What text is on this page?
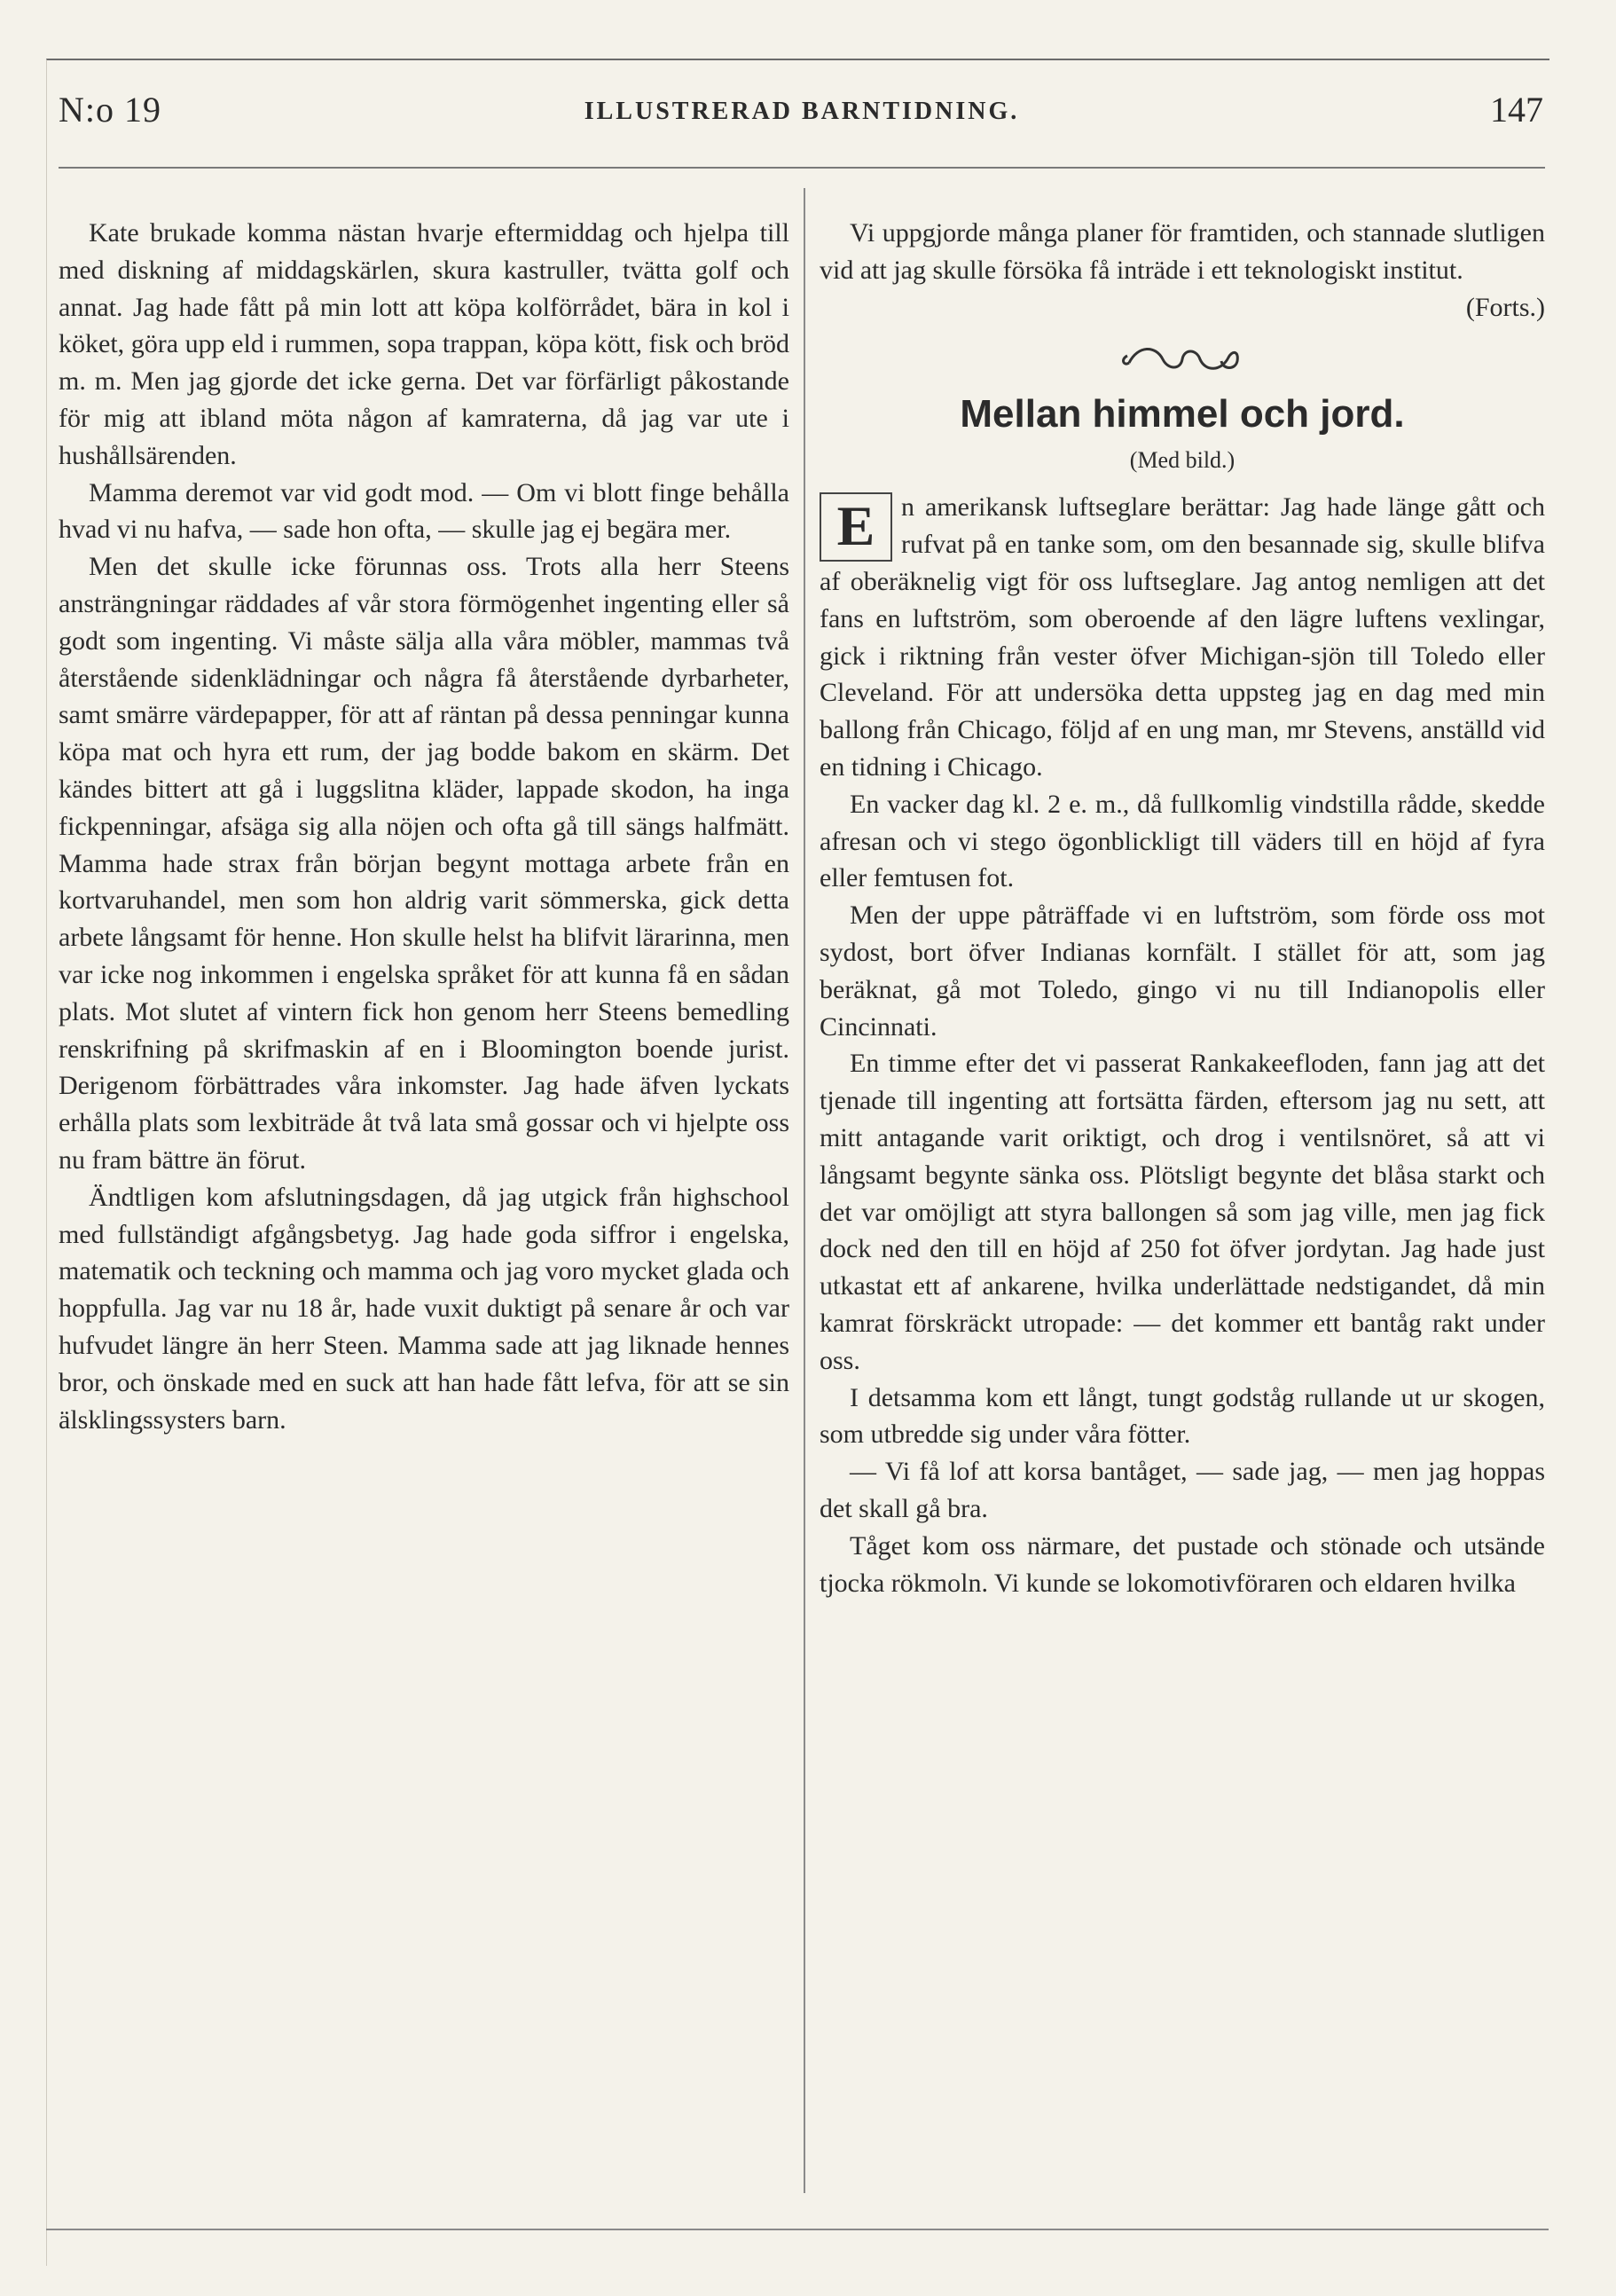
N:o 19	ILLUSTRERAD BARNTIDNING.	147

Kate brukade komma nästan hvarje eftermiddag och hjelpa till med diskning af middagskärlen, skura kastruller, tvätta golf och annat. Jag hade fått på min lott att köpa kolförrådet, bära in kol i köket, göra upp eld i rummen, sopa trappan, köpa kött, fisk och bröd m. m. Men jag gjorde det icke gerna. Det var förfärligt påkostande för mig att ibland möta någon af kamraterna, då jag var ute i hushållsärenden.

Mamma deremot var vid godt mod. — Om vi blott finge behålla hvad vi nu hafva, — sade hon ofta, — skulle jag ej begära mer.

Men det skulle icke förunnas oss. Trots alla herr Steens ansträngningar räddades af vår stora förmögenhet ingenting eller så godt som ingenting. Vi måste sälja alla våra möbler, mammas två återstående sidenklädningar och några få återstående dyrbarheter, samt smärre värdepapper, för att af räntan på dessa penningar kunna köpa mat och hyra ett rum, der jag bodde bakom en skärm. Det kändes bittert att gå i luggslitna kläder, lappade skodon, ha inga fickpenningar, afsäga sig alla nöjen och ofta gå till sängs halfmätt. Mamma hade strax från början begynt mottaga arbete från en kortvaruhandel, men som hon aldrig varit sömmerska, gick detta arbete långsamt för henne. Hon skulle helst ha blifvit lärarinna, men var icke nog inkommen i engelska språket för att kunna få en sådan plats. Mot slutet af vintern fick hon genom herr Steens bemedling renskrifning på skrifmaskin af en i Bloomington boende jurist. Derigenom förbättrades våra inkomster. Jag hade äfven lyckats erhålla plats som lexbiträde åt två lata små gossar och vi hjelpte oss nu fram bättre än förut.

Ändtligen kom afslutningsdagen, då jag utgick från highschool med fullständigt afgångsbetyg. Jag hade goda siffror i engelska, matematik och teckning och mamma och jag voro mycket glada och hoppfulla. Jag var nu 18 år, hade vuxit duktigt på senare år och var hufvudet längre än herr Steen. Mamma sade att jag liknade hennes bror, och önskade med en suck att han hade fått lefva, för att se sin älsklingssysters barn.

Vi uppgjorde många planer för framtiden, och stannade slutligen vid att jag skulle försöka få inträde i ett teknologiskt institut.

(Forts.)

Mellan himmel och jord.
(Med bild.)

E n amerikansk luftseglare berättar: Jag hade länge gått och rufvat på en tanke som, om den besannade sig, skulle blifva af oberäknelig vigt för oss luftseglare. Jag antog nemligen att det fans en luftström, som oberoende af den lägre luftens vexlingar, gick i riktning från vester öfver Michigan-sjön till Toledo eller Cleveland. För att undersöka detta uppsteg jag en dag med min ballong från Chicago, följd af en ung man, mr Stevens, anställd vid en tidning i Chicago.

En vacker dag kl. 2 e. m., då fullkomlig vindstilla rådde, skedde afresan och vi stego ögonblickligt till väders till en höjd af fyra eller femtusen fot.

Men der uppe påträffade vi en luftström, som förde oss mot sydost, bort öfver Indianas kornfält. I stället för att, som jag beräknat, gå mot Toledo, gingo vi nu till Indianopolis eller Cincinnati.

En timme efter det vi passerat Rankakeefloden, fann jag att det tjenade till ingenting att fortsätta färden, eftersom jag nu sett, att mitt antagande varit oriktigt, och drog i ventilsnöret, så att vi långsamt begynte sänka oss. Plötsligt begynte det blåsa starkt och det var omöjligt att styra ballongen så som jag ville, men jag fick dock ned den till en höjd af 250 fot öfver jordytan. Jag hade just utkastat ett af ankarene, hvilka underlättade nedstigandet, då min kamrat förskräckt utropade: — det kommer ett bantåg rakt under oss.

I detsamma kom ett långt, tungt godståg rullande ut ur skogen, som utbredde sig under våra fötter.

— Vi få lof att korsa bantåget, — sade jag, — men jag hoppas det skall gå bra.

Tåget kom oss närmare, det pustade och stönade och utsände tjocka rökmoln. Vi kunde se lokomotivföraren och eldaren hvilka
